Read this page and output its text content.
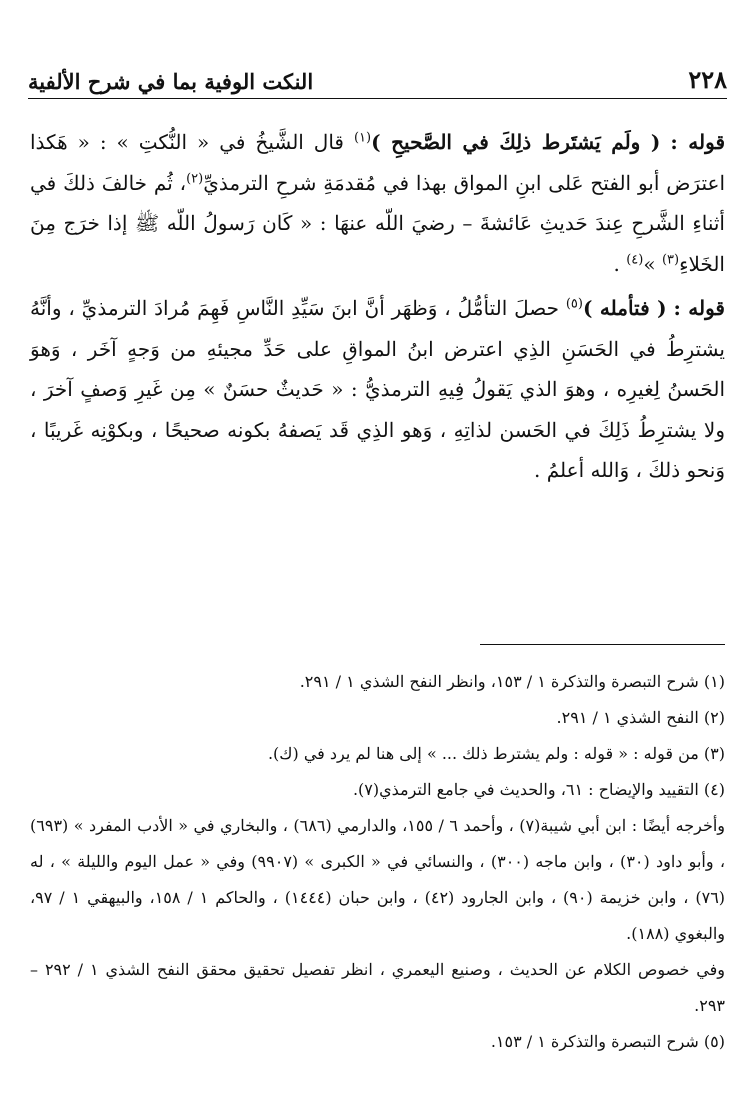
٢٢٨
النكت الوفية بما في شرح الألفية

قوله : ( ولَم يَشتَرط ذلِكَ في الصَّحيحِ )$^{(١)}$ قال الشَّيخُ في « النُّكتِ » : « هَكذا اعترَض أبو الفتح عَلى ابنِ المواق بهذا في مُقدمَةِ شرحِ الترمذيِّ$^{(٢)}$، ثُم خالفَ ذلكَ في أثناءِ الشَّرحِ عِندَ حَديثِ عَائشةَ – رضيَ اللّه عنهَا : « كَان رَسولُ اللّه ﷺ إذا خرَج مِنَ الخَلاءِ$^{(٣)}$ »$^{(٤)}$ .

قوله : ( فتأمله )$^{(٥)}$ حصلَ التأمُّلُ ، وَظهَر أنَّ ابنَ سَيِّدِ النَّاسِ فَهِمَ مُرادَ الترمذيِّ ، وأنَّهُ يشترِطُ في الحَسَنِ الذِي اعترض ابنُ المواقِ على حَدِّ مجيئهِ من وَجهٍ آخَر ، وَهوَ الحَسنُ لِغيرِه ، وهوَ الذي يَقولُ فِيهِ الترمذيُّ : « حَديثٌ حسَنٌ » مِن غَيرِ وَصفٍ آخرَ ، ولا يشترِطُ ذَلِكَ في الحَسن لذاتِهِ ، وَهو الذِي قَد يَصفهُ بكونه صحيحًا ، وبكوْنِه غَريبًا ، وَنحو ذلكَ ، وَالله أعلمُ .

(١) شرح التبصرة والتذكرة ١ / ١٥٣، وانظر النفح الشذي ١ / ٢٩١.

(٢) النفح الشذي ١ / ٢٩١.

(٣) من قوله : « قوله : ولم يشترط ذلك ... » إلى هنا لم يرد في (ك).

(٤) التقييد والإيضاح : ٦١، والحديث في جامع الترمذي(٧).

وأخرجه أيضًا : ابن أبي شيبة(٧) ، وأحمد ٦ / ١٥٥، والدارمي (٦٨٦) ، والبخاري في « الأدب المفرد » (٦٩٣) ، وأبو داود (٣٠) ، وابن ماجه (٣٠٠) ، والنسائي في « الكبرى » (٩٩٠٧) وفي « عمل اليوم والليلة » ، له (٧٦) ، وابن خزيمة (٩٠) ، وابن الجارود (٤٢) ، وابن حبان (١٤٤٤) ، والحاكم ١ / ١٥٨، والبيهقي ١ / ٩٧، والبغوي (١٨٨).

وفي خصوص الكلام عن الحديث ، وصنيع اليعمري ، انظر تفصيل تحقيق محقق النفح الشذي ١ / ٢٩٢ – ٢٩٣.

(٥) شرح التبصرة والتذكرة ١ / ١٥٣.
